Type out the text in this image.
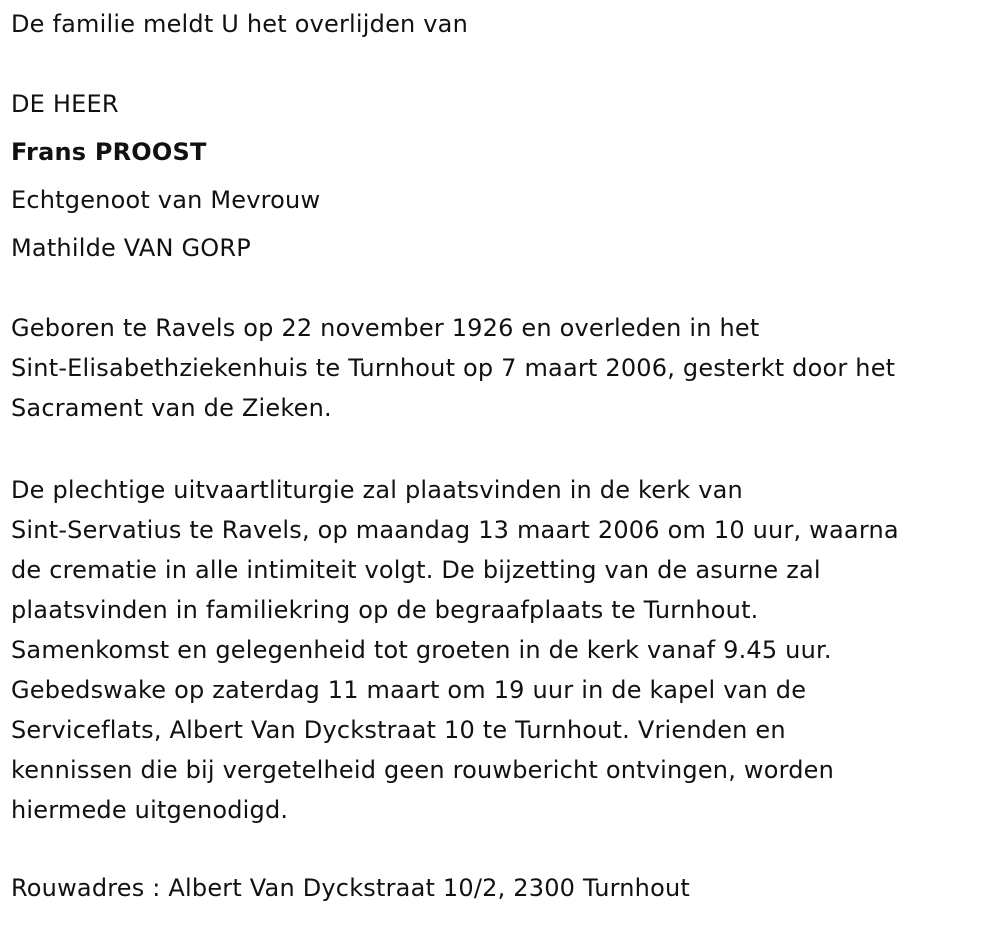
De familie meldt U het overlijden van
DE HEER
Frans PROOST
Echtgenoot van Mevrouw
Mathilde VAN GORP
Geboren te Ravels op 22 november 1926 en overleden in het
Sint-Elisabethziekenhuis te Turnhout op 7 maart 2006, gesterkt door het
Sacrament van de Zieken.
De plechtige uitvaartliturgie zal plaatsvinden in de kerk van
Sint-Servatius te Ravels, op maandag 13 maart 2006 om 10 uur, waarna
de crematie in alle intimiteit volgt. De bijzetting van de asurne zal
plaatsvinden in familiekring op de begraafplaats te Turnhout.
Samenkomst en gelegenheid tot groeten in de kerk vanaf 9.45 uur.
Gebedswake op zaterdag 11 maart om 19 uur in de kapel van de
Serviceflats, Albert Van Dyckstraat 10 te Turnhout. Vrienden en
kennissen die bij vergetelheid geen rouwbericht ontvingen, worden
hiermede uitgenodigd.
Rouwadres : Albert Van Dyckstraat 10/2, 2300 Turnhout
